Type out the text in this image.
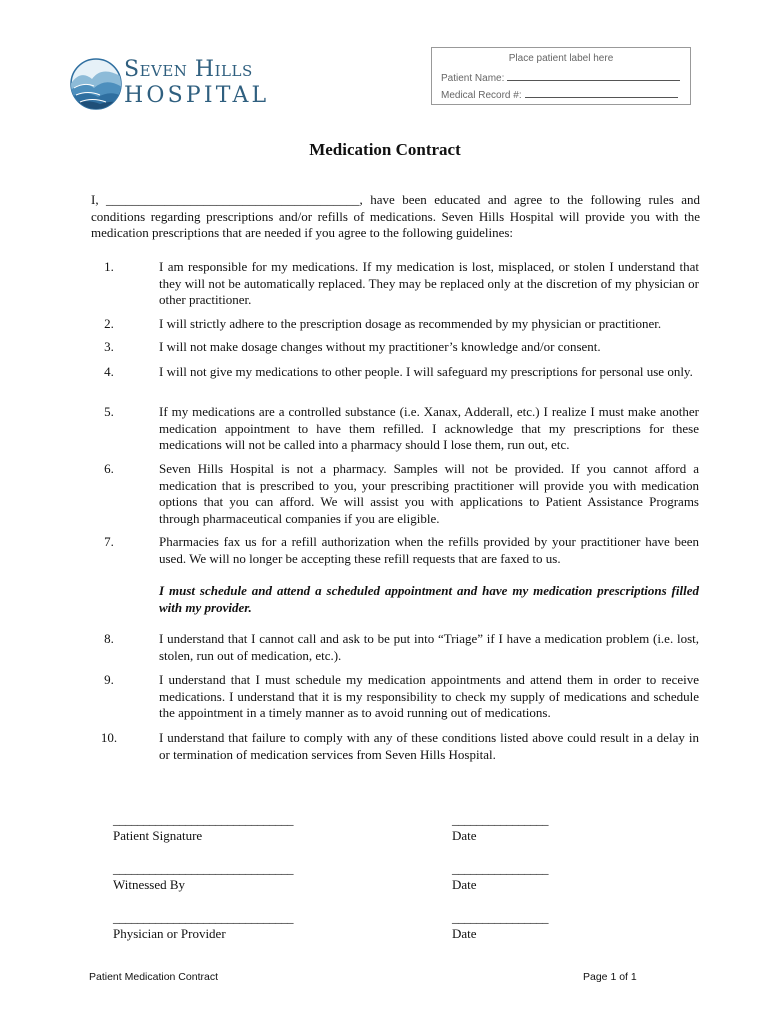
Seven Hills
HOSPITAL
Place patient label here
Patient Name:
Medical Record #:
Medication Contract
I, _______________________________________, have been educated and agree to the following rules and conditions regarding prescriptions and/or refills of medications. Seven Hills Hospital will provide you with the medication prescriptions that are needed if you agree to the following guidelines:
1.	I am responsible for my medications. If my medication is lost, misplaced, or stolen I understand that they will not be automatically replaced. They may be replaced only at the discretion of my physician or other practitioner.
2.	I will strictly adhere to the prescription dosage as recommended by my physician or practitioner.
3.	I will not make dosage changes without my practitioner’s knowledge and/or consent.
4.	I will not give my medications to other people. I will safeguard my prescriptions for personal use only.
5.	If my medications are a controlled substance (i.e. Xanax, Adderall, etc.) I realize I must make another medication appointment to have them refilled. I acknowledge that my prescriptions for these medications will not be called into a pharmacy should I lose them, run out, etc.
6.	Seven Hills Hospital is not a pharmacy. Samples will not be provided. If you cannot afford a medication that is prescribed to you, your prescribing practitioner will provide you with medication options that you can afford. We will assist you with applications to Patient Assistance Programs through pharmaceutical companies if you are eligible.
7.	Pharmacies fax us for a refill authorization when the refills provided by your practitioner have been used. We will no longer be accepting these refill requests that are faxed to us.
I must schedule and attend a scheduled appointment and have my medication prescriptions filled with my provider.
8.	I understand that I cannot call and ask to be put into “Triage” if I have a medication problem (i.e. lost, stolen, run out of medication, etc.).
9.	I understand that I must schedule my medication appointments and attend them in order to receive medications. I understand that it is my responsibility to check my supply of medications and schedule the appointment in a timely manner as to avoid running out of medications.
10.	I understand that failure to comply with any of these conditions listed above could result in a delay in or termination of medication services from Seven Hills Hospital.
______________________________
Patient Signature
________________
Date
______________________________
Witnessed By
________________
Date
______________________________
Physician or Provider
________________
Date
Patient Medication Contract	Page 1 of 1
